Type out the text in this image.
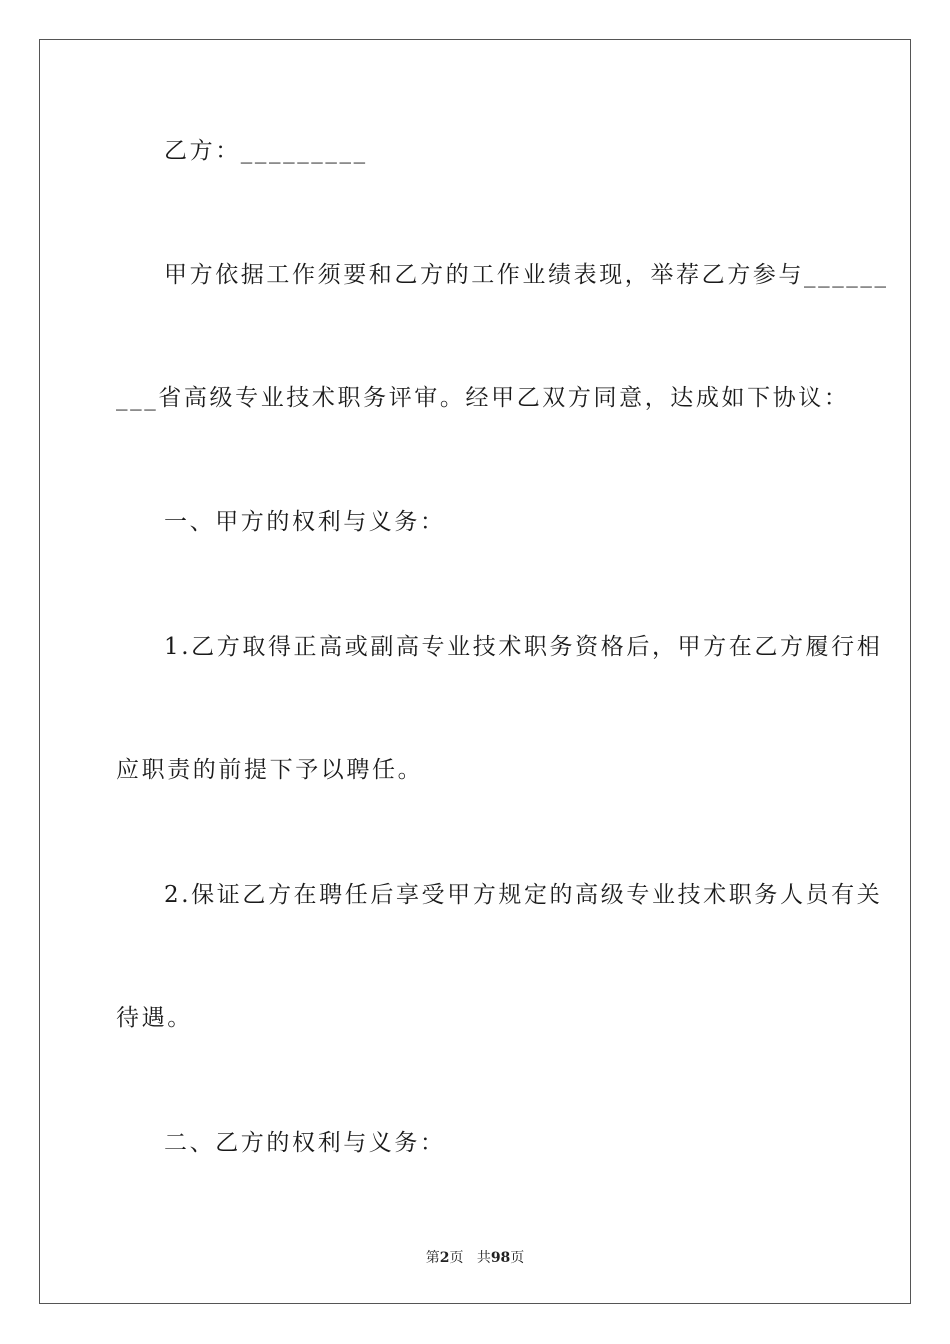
乙方：_________
甲方依据工作须要和乙方的工作业绩表现，举荐乙方参与______
___省高级专业技术职务评审。经甲乙双方同意，达成如下协议：
一、甲方的权利与义务：
1.乙方取得正高或副高专业技术职务资格后，甲方在乙方履行相
应职责的前提下予以聘任。
2.保证乙方在聘任后享受甲方规定的高级专业技术职务人员有关
待遇。
二、乙方的权利与义务：
第2页 共98页
